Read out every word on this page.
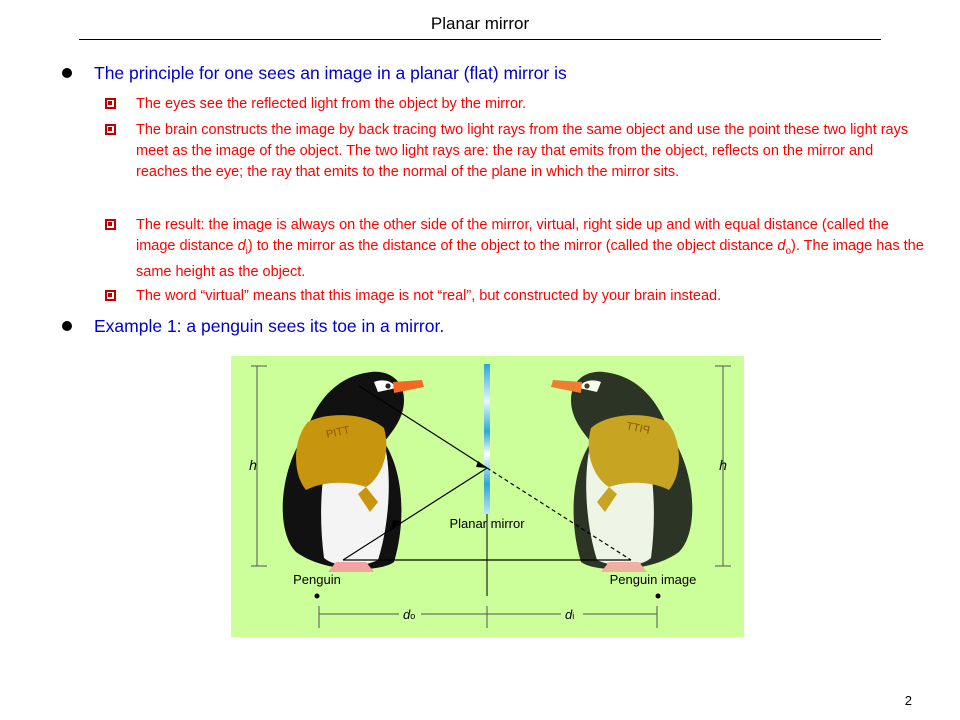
Planar mirror
The principle for one sees an image in a planar (flat) mirror is
The eyes see the reflected light from the object by the mirror.
The brain constructs the image by back tracing two light rays from the same object and use the point these two light rays meet as the image of the object. The two light rays are: the ray that emits from the object, reflects on the mirror and reaches the eye; the ray that emits to the normal of the plane in which the mirror sits.
The result: the image is always on the other side of the mirror, virtual, right side up and with equal distance (called the image distance $d_i$) to the mirror as the distance of the object to the mirror (called the object distance $d_o$). The image has the same height as the object.
The word “virtual” means that this image is not “real”, but constructed by your brain instead.
Example 1: a penguin sees its toe in a mirror.
h	h
PITT	PITT
Planar mirror
Penguin	Penguin image
do	di
2
